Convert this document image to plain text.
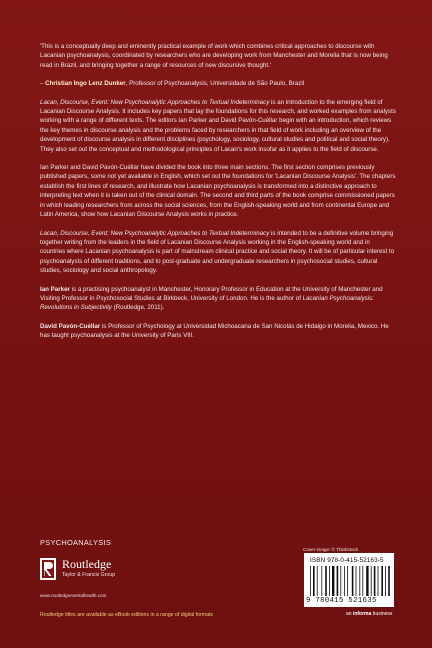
'This is a conceptually deep and eminently practical example of work which combines critical approaches to discourse with Lacanian psychoanalysis, coordinated by researchers who are developing work from Manchester and Morelia that is now being read in Brazil, and bringing together a range of resources of new discursive thought.'

– Christian Ingo Lenz Dunker, Professor of Psychoanalysis, Universidade de São Paulo, Brazil

Lacan, Discourse, Event: New Psychoanalytic Approaches to Textual Indeterminacy is an introduction to the emerging field of Lacanian Discourse Analysis. It includes key papers that lay the foundations for this research, and worked examples from analysts working with a range of different texts. The editors Ian Parker and David Pavón-Cuéllar begin with an introduction, which reviews the key themes in discourse analysis and the problems faced by researchers in that field of work including an overview of the development of discourse analysis in different disciplines (psychology, sociology, cultural studies and political and social theory). They also set out the conceptual and methodological principles of Lacan's work insofar as it applies to the field of discourse.

Ian Parker and David Pavón-Cuéllar have divided the book into three main sections. The first section comprises previously published papers, some not yet available in English, which set out the foundations for 'Lacanian Discourse Analysis'. The chapters establish the first lines of research, and illustrate how Lacanian psychoanalysis is transformed into a distinctive approach to interpreting text when it is taken out of the clinical domain. The second and third parts of the book comprise commissioned papers in which leading researchers from across the social sciences, from the English-speaking world and from continental Europe and Latin America, show how Lacanian Discourse Analysis works in practice.

Lacan, Discourse, Event: New Psychoanalytic Approaches to Textual Indeterminacy is intended to be a definitive volume bringing together writing from the leaders in the field of Lacanian Discourse Analysis working in the English-speaking world and in countries where Lacanian psychoanalysis is part of mainstream clinical practice and social theory. It will be of particular interest to psychoanalysts of different traditions, and to post-graduate and undergraduate researchers in psychosocial studies, cultural studies, sociology and social anthropology.

Ian Parker is a practising psychoanalyst in Manchester, Honorary Professor in Education at the University of Manchester and Visiting Professor in Psychosocial Studies at Birkbeck, University of London. He is the author of Lacanian Psychoanalysis: Revolutions in Subjectivity (Routledge, 2011).

David Pavón-Cuéllar is Professor of Psychology at Universidad Michoacana de San Nicolás de Hidalgo in Morelia, Mexico. He has taught psychoanalysis at the University of Paris VIII.

PSYCHOANALYSIS
Cover image: © Thinkstock
Routledge
Taylor & Francis Group
www.routledgementalhealth.com
Routledge titles are available as eBook editions in a range of digital formats
ISBN 978-0-415-52163-5
9 780415 521635
an informa business
